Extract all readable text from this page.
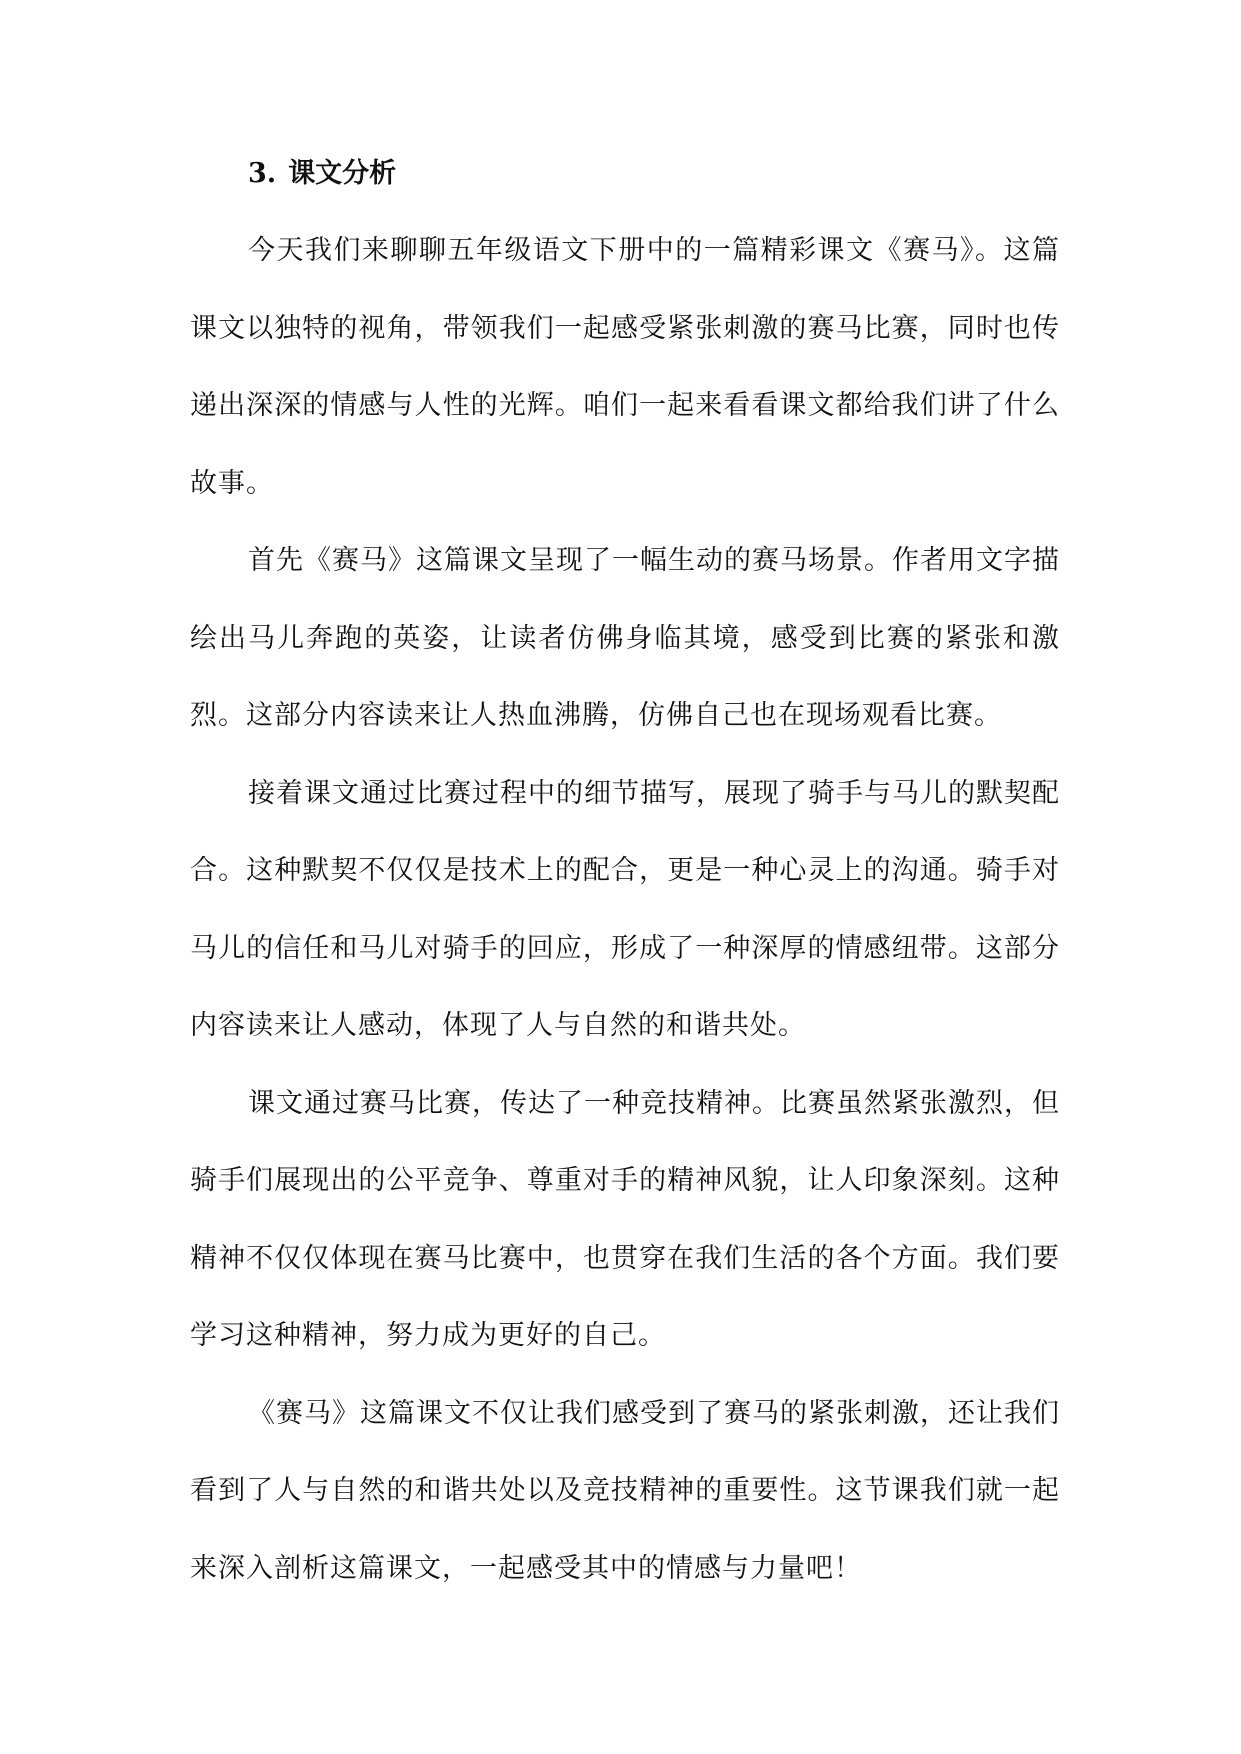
3. 课文分析

今天我们来聊聊五年级语文下册中的一篇精彩课文《赛马》。这篇课文以独特的视角，带领我们一起感受紧张刺激的赛马比赛，同时也传递出深深的情感与人性的光辉。咱们一起来看看课文都给我们讲了什么故事。

首先《赛马》这篇课文呈现了一幅生动的赛马场景。作者用文字描绘出马儿奔跑的英姿，让读者仿佛身临其境，感受到比赛的紧张和激烈。这部分内容读来让人热血沸腾，仿佛自己也在现场观看比赛。

接着课文通过比赛过程中的细节描写，展现了骑手与马儿的默契配合。这种默契不仅仅是技术上的配合，更是一种心灵上的沟通。骑手对马儿的信任和马儿对骑手的回应，形成了一种深厚的情感纽带。这部分内容读来让人感动，体现了人与自然的和谐共处。

课文通过赛马比赛，传达了一种竞技精神。比赛虽然紧张激烈，但骑手们展现出的公平竞争、尊重对手的精神风貌，让人印象深刻。这种精神不仅仅体现在赛马比赛中，也贯穿在我们生活的各个方面。我们要学习这种精神，努力成为更好的自己。

《赛马》这篇课文不仅让我们感受到了赛马的紧张刺激，还让我们看到了人与自然的和谐共处以及竞技精神的重要性。这节课我们就一起来深入剖析这篇课文，一起感受其中的情感与力量吧！
